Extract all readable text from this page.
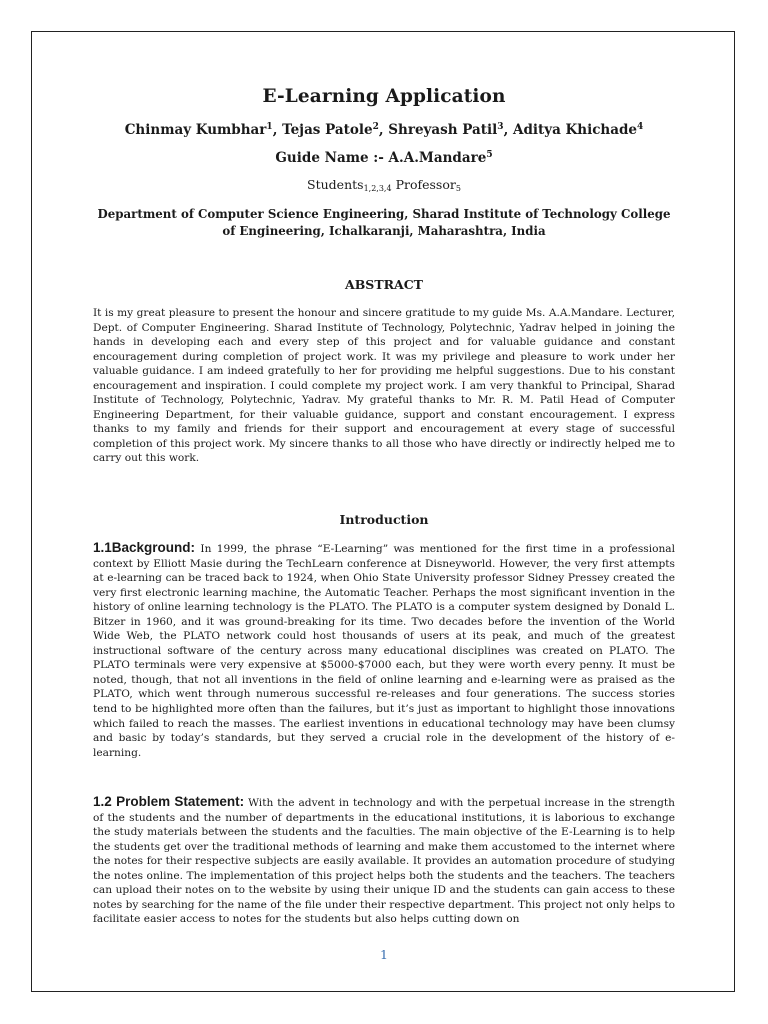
E-Learning Application
Chinmay Kumbhar$^1$, Tejas Patole$^2$, Shreyash Patil$^3$, Aditya Khichade$^4$
Guide Name :- A.A.Mandare$^5$
Students$_{1,2,3,4}$ Professor$_5$
Department of Computer Science Engineering, Sharad Institute of Technology College of Engineering, Ichalkaranji, Maharashtra, India
ABSTRACT

It is my great pleasure to present the honour and sincere gratitude to my guide Ms. A.A.Mandare. Lecturer, Dept. of Computer Engineering. Sharad Institute of Technology, Polytechnic, Yadrav helped in joining the hands in developing each and every step of this project and for valuable guidance and constant encouragement during completion of project work. It was my privilege and pleasure to work under her valuable guidance. I am indeed gratefully to her for providing me helpful suggestions. Due to his constant encouragement and inspiration. I could complete my project work. I am very thankful to Principal, Sharad Institute of Technology, Polytechnic, Yadrav. My grateful thanks to Mr. R. M. Patil Head of Computer Engineering Department, for their valuable guidance, support and constant encouragement. I express thanks to my family and friends for their support and encouragement at every stage of successful completion of this project work. My sincere thanks to all those who have directly or indirectly helped me to carry out this work.

Introduction

1.1Background: In 1999, the phrase “E-Learning” was mentioned for the first time in a professional context by Elliott Masie during the TechLearn conference at Disneyworld. However, the very first attempts at e-learning can be traced back to 1924, when Ohio State University professor Sidney Pressey created the very first electronic learning machine, the Automatic Teacher. Perhaps the most significant invention in the history of online learning technology is the PLATO. The PLATO is a computer system designed by Donald L. Bitzer in 1960, and it was ground-breaking for its time. Two decades before the invention of the World Wide Web, the PLATO network could host thousands of users at its peak, and much of the greatest instructional software of the century across many educational disciplines was created on PLATO. The PLATO terminals were very expensive at $5000-$7000 each, but they were worth every penny. It must be noted, though, that not all inventions in the field of online learning and e-learning were as praised as the PLATO, which went through numerous successful re-releases and four generations. The success stories tend to be highlighted more often than the failures, but it’s just as important to highlight those innovations which failed to reach the masses. The earliest inventions in educational technology may have been clumsy and basic by today’s standards, but they served a crucial role in the development of the history of e-learning.

1.2 Problem Statement: With the advent in technology and with the perpetual increase in the strength of the students and the number of departments in the educational institutions, it is laborious to exchange the study materials between the students and the faculties. The main objective of the E-Learning is to help the students get over the traditional methods of learning and make them accustomed to the internet where the notes for their respective subjects are easily available. It provides an automation procedure of studying the notes online. The implementation of this project helps both the students and the teachers. The teachers can upload their notes on to the website by using their unique ID and the students can gain access to these notes by searching for the name of the file under their respective department. This project not only helps to facilitate easier access to notes for the students but also helps cutting down on

1
